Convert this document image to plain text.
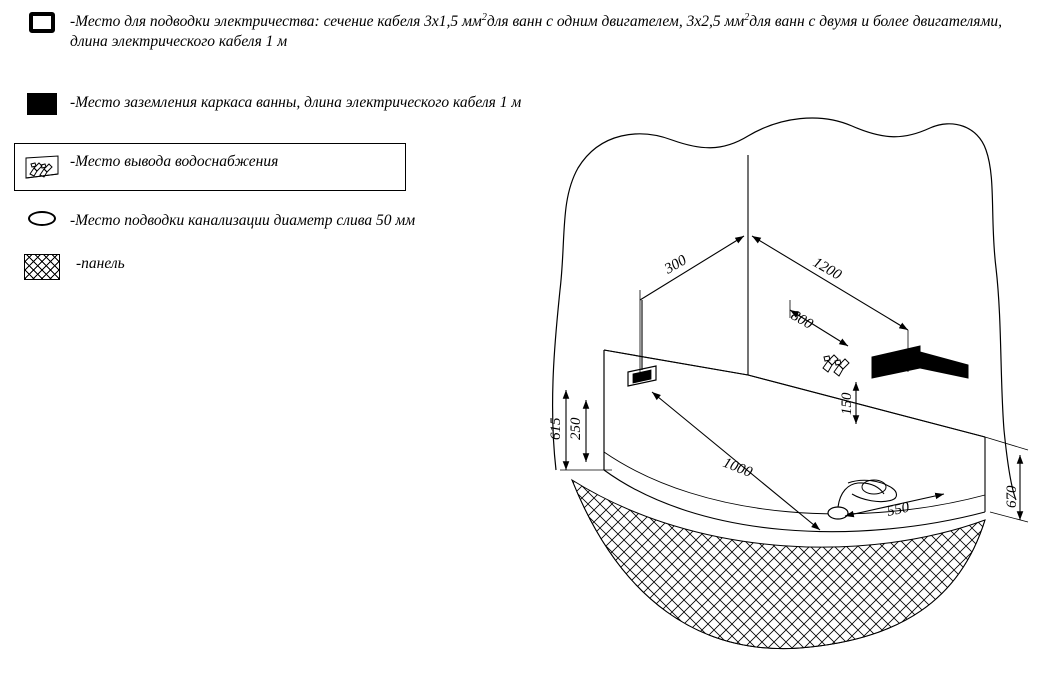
-Место для подводки электричества: сечение кабеля 3х1,5 $мм^2для$ ванн с одним двигателем, 3х2,5 $мм^2для$ ванн с двумя и более двигателями, длина электрического кабеля 1 м
-Место заземления каркаса ванны, длина электрического кабеля 1 м
-Место вывода водоснабжения
-Место подводки канализации диаметр слива 50 мм
-панель	300	1200
800
615 250
150
1000
550
670
